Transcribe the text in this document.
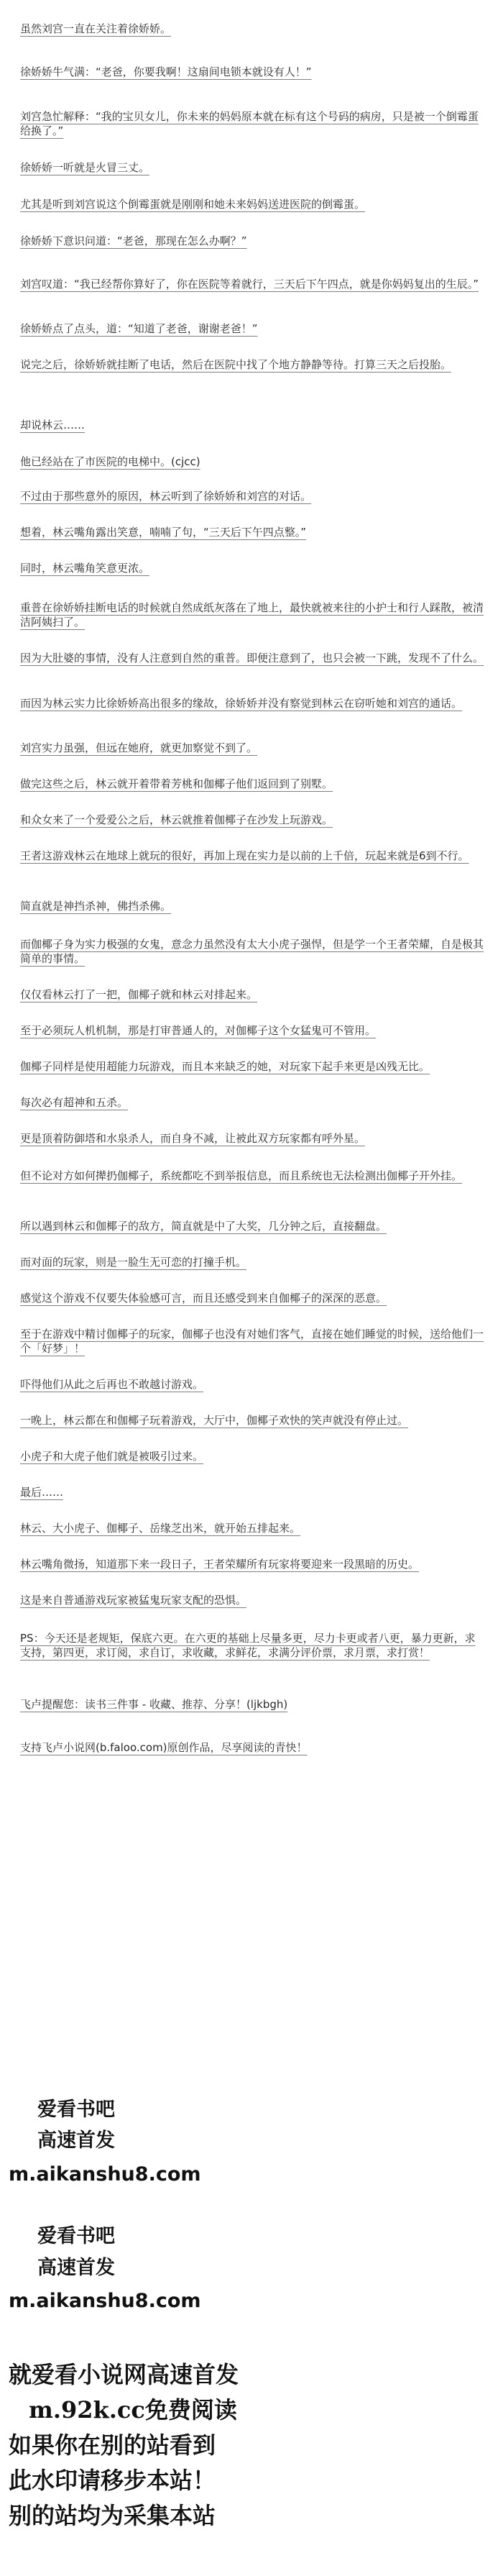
虽然刘宫一直在关注着徐娇娇。

徐娇娇牛气满：“老爸，你要我啊！这扇间电锁本就设有人！”

刘宫急忙解释：“我的宝贝女儿，你未来的妈妈原本就在标有这个号码的病房，只是被一个倒霉蛋给换了。”

徐娇娇一听就是火冒三丈。

尤其是听到刘宫说这个倒霉蛋就是刚刚和她未来妈妈送进医院的倒霉蛋。

徐娇娇下意识问道：“老爸，那现在怎么办啊？”

刘宫叹道：“我已经帮你算好了，你在医院等着就行，三天后下午四点，就是你妈妈复出的生辰。”

徐娇娇点了点头，道：“知道了老爸，谢谢老爸！”

说完之后，徐娇娇就挂断了电话，然后在医院中找了个地方静静等待。打算三天之后投胎。

却说林云……

他已经站在了市医院的电梯中。(cjcc)

不过由于那些意外的原因，林云听到了徐娇娇和刘宫的对话。

想着，林云嘴角露出笑意，喃喃了句，“三天后下午四点整。”

同时，林云嘴角笑意更浓。

重普在徐娇娇挂断电话的时候就自然成纸灰落在了地上，最快就被来往的小护士和行人踩散，被清洁阿姨扫了。

因为大肚婆的事情，没有人注意到自然的重普。即便注意到了，也只会被一下跳，发现不了什么。

而因为林云实力比徐娇娇高出很多的缘故，徐娇娇并没有察觉到林云在窃听她和刘宫的通话。

刘宫实力虽强，但远在她府，就更加察觉不到了。

做完这些之后，林云就开着带着芳桃和伽椰子他们返回到了别墅。

和众女来了一个爱爱公之后，林云就推着伽椰子在沙发上玩游戏。

王者这游戏林云在地球上就玩的很好，再加上现在实力是以前的上千倍，玩起来就是6到不行。

简直就是神挡杀神，佛挡杀佛。

而伽椰子身为实力极强的女鬼，意念力虽然没有太大小虎子强悍，但是学一个王者荣耀，自是极其简单的事情。

仅仅看林云打了一把，伽椰子就和林云对排起来。

至于必须玩人机机制，那是打审普通人的，对伽椰子这个女猛鬼可不管用。

伽椰子同样是使用超能力玩游戏，而且本来缺乏的她，对玩家下起手来更是凶残无比。

每次必有超神和五杀。

更是顶着防御塔和水泉杀人，而自身不减，让被此双方玩家都有呼外星。

但不论对方如何撵扔伽椰子，系统都吃不到举报信息，而且系统也无法检测出伽椰子开外挂。

所以遇到林云和伽椰子的敌方，简直就是中了大奖，几分钟之后，直接翻盘。

而对面的玩家，则是一脸生无可恋的打撞手机。

感觉这个游戏不仅要失体验感可言，而且还感受到来自伽椰子的深深的恶意。

至于在游戏中精讨伽椰子的玩家，伽椰子也没有对她们客气，直接在她们睡觉的时候，送给他们一个「好梦」！

吓得他们从此之后再也不敢越讨游戏。

一晚上，林云都在和伽椰子玩着游戏，大厅中，伽椰子欢快的笑声就没有停止过。

小虎子和大虎子他们就是被吸引过来。

最后……

林云、大小虎子、伽椰子、岳缘芝出米，就开始五排起来。

林云嘴角微扬，知道那下来一段日子，王者荣耀所有玩家将要迎来一段黑暗的历史。

这是来自普通游戏玩家被猛鬼玩家支配的恐惧。

PS：今天还是老规矩，保底六更。在六更的基础上尽量多更，尽力卡更或者八更，暴力更新，求支持，第四更，求订阅，求自订，求收藏，求鲜花，求满分评价票，求月票，求打赏！

飞卢提醒您：读书三件事 - 收藏、推荐、分享！(ljkbgh)

支持飞卢小说网(b.faloo.com)原创作品，尽享阅读的青快！

爱看书吧

高速首发

m.aikanshu8.com

爱看书吧

高速首发

m.aikanshu8.com

就爱看小说网高速首发

m.92k.cc免费阅读

如果你在别的站看到

此水印请移步本站！

别的站均为采集本站
